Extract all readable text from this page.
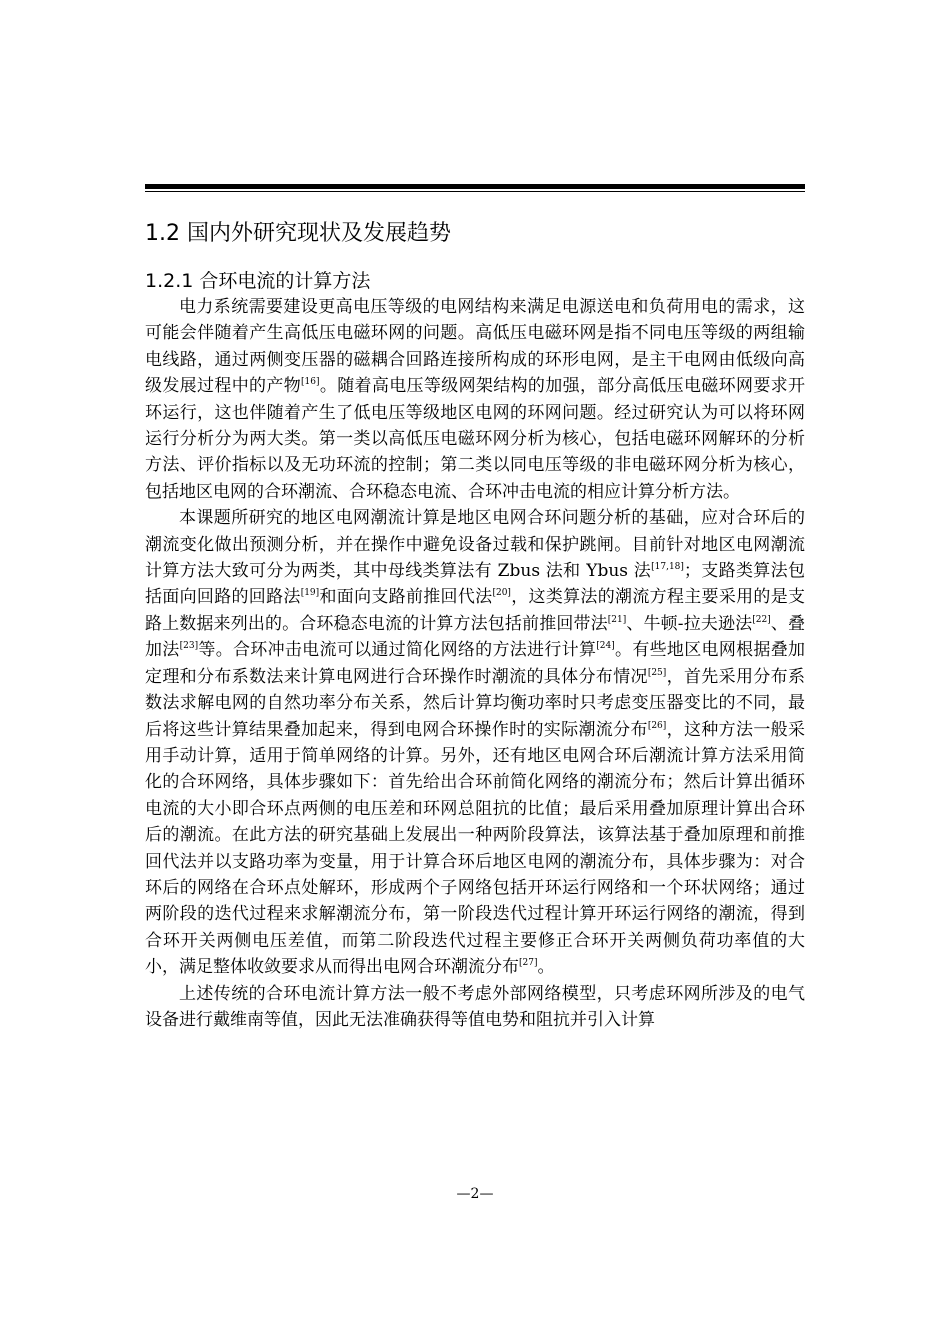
1.2 国内外研究现状及发展趋势
1.2.1 合环电流的计算方法

电力系统需要建设更高电压等级的电网结构来满足电源送电和负荷用电的需求，这可能会伴随着产生高低压电磁环网的问题。高低压电磁环网是指不同电压等级的两组输电线路，通过两侧变压器的磁耦合回路连接所构成的环形电网，是主干电网由低级向高级发展过程中的产物[16]。随着高电压等级网架结构的加强，部分高低压电磁环网要求开环运行，这也伴随着产生了低电压等级地区电网的环网问题。经过研究认为可以将环网运行分析分为两大类。第一类以高低压电磁环网分析为核心，包括电磁环网解环的分析方法、评价指标以及无功环流的控制；第二类以同电压等级的非电磁环网分析为核心，包括地区电网的合环潮流、合环稳态电流、合环冲击电流的相应计算分析方法。

本课题所研究的地区电网潮流计算是地区电网合环问题分析的基础，应对合环后的潮流变化做出预测分析，并在操作中避免设备过载和保护跳闸。目前针对地区电网潮流计算方法大致可分为两类，其中母线类算法有 Zbus 法和 Ybus 法[17,18]；支路类算法包括面向回路的回路法[19]和面向支路前推回代法[20]，这类算法的潮流方程主要采用的是支路上数据来列出的。合环稳态电流的计算方法包括前推回带法[21]、牛顿-拉夫逊法[22]、叠加法[23]等。合环冲击电流可以通过简化网络的方法进行计算[24]。有些地区电网根据叠加定理和分布系数法来计算电网进行合环操作时潮流的具体分布情况[25]，首先采用分布系数法求解电网的自然功率分布关系，然后计算均衡功率时只考虑变压器变比的不同，最后将这些计算结果叠加起来，得到电网合环操作时的实际潮流分布[26]，这种方法一般采用手动计算，适用于简单网络的计算。另外，还有地区电网合环后潮流计算方法采用简化的合环网络，具体步骤如下：首先给出合环前简化网络的潮流分布；然后计算出循环电流的大小即合环点两侧的电压差和环网总阻抗的比值；最后采用叠加原理计算出合环后的潮流。在此方法的研究基础上发展出一种两阶段算法，该算法基于叠加原理和前推回代法并以支路功率为变量，用于计算合环后地区电网的潮流分布，具体步骤为：对合环后的网络在合环点处解环，形成两个子网络包括开环运行网络和一个环状网络；通过两阶段的迭代过程来求解潮流分布，第一阶段迭代过程计算开环运行网络的潮流，得到合环开关两侧电压差值，而第二阶段迭代过程主要修正合环开关两侧负荷功率值的大小，满足整体收敛要求从而得出电网合环潮流分布[27]。

上述传统的合环电流计算方法一般不考虑外部网络模型，只考虑环网所涉及的电气设备进行戴维南等值，因此无法准确获得等值电势和阻抗并引入计算

—2—
